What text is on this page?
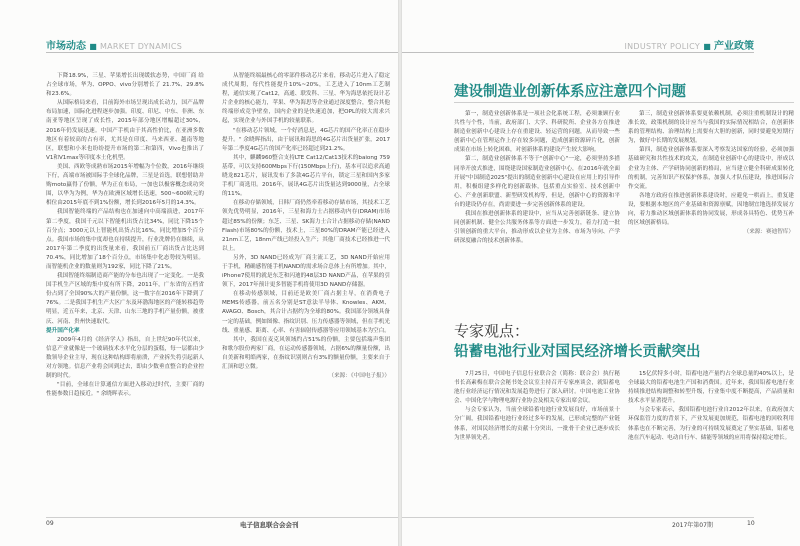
市场动态 ■ MARKET DYNAMICS

下降18.9%，三星、苹果增长出现缓软态势，中国厂商 给占全球市场，华为、OPPO、vivo分别增长了 21.7%、29.8%和23.6%。

从国际格局来看，目前海外市场呈现出成长动力，国产品牌布局加速，国际化进程逐步加强。印度、印尼、中东、非洲、东南亚等地区呈现了成长性，2015年部分地区增幅超过30%，2016年仍发展迅速。中国产手机由于其高性价比，在亚洲多数地区有着较高的占有率，尤其是在印度、马来西亚、越南等地区，联想和小米也纷纷提升市场的第二和第四，Vivo也推出了V1和V1max等印度本土化机型。

美国、西欧等成熟市场2015年增幅为个位数，2016年继续下行，高端市场被国际手全球化品牌，三星是首选，联想借助并购moto赢得了份额，华为正在布局，一加也以极客概念成功突围，以华为为例，华为在欧洲区域增长迅速，500~600欧元的相位由2015年底不到1%份额，增长到2016年5月的14.3%。

我国智能终端的产品结构也在加速向中高端演进，2017年第二季度，我国千元以下智能机出货占比34%，同比下降15个百分点；3000元以上智能机出货占比16%，同比增加5个百分点。我国市场的集中度却也在持续提升，行业洗牌仍在继续，从2017年第二季度的出货量来看，我国前五厂商出货占比达到70.4%，同比增加了18个百分点，市场集中化态势较为明显。而智能机企业的数量则为192家，同比下降了21%。

我国智能终端制造商产能的分布也出现了一定变化。一是我国手机生产区域的集中度有所下降，2011年，广东省的五档省份占到了全国90%大的产量份额，这一数字在2016年下降到了76%。二是我国手机生产大区广东及环渤海地区的产能转移趋势明显，近五年来，北京、天津、山东三地的手机产量份额，被重庆、河南、贵州快速取代。

提升国产化率

2009年4月的《经济学人》指出，自上世纪90年代以来，信息产业就像是一个玻璃技术水平化分层的蛋糕，每一层都由少数领导企业主导，现在这种结构即将崩溃，产业拆失将引起新人对方领地。信息产业将会回到过去，即由少数垂直整合的企业控制的时代。

"目前，全球在计算通信方面进入移动过时代，主要厂商的性能参数日趋接近。" 余晓晖表示。

从智能终端最核心的零部件移动芯片来看，移动芯片进入了稳定成代周期，每代性能提升10%~20%，工艺进入了10nm工艺制程，通信实现了Cat12，高通、联发科、三星、华为海思依托设计芯片企业的核心能力，苹果、华为海思等企业通过深度整合，整合其他终端形成竞争壁垒，国内企业的是快速追加，把OPL的较大需求兴起，实现企业与外国手机的较量联系。

"在移动芯片领域，一个好消息是，4G芯片的国产化率正在稳步提升。" 余晓晖指出，由于展讯和海思的4G芯片出货量扩张，2017年第二季度4G芯片的国产化率已经超过到21.2%。

其中，麒麟960整合支持LTE Cat12/Cat13技术的baiong 759基带，可以支持600Mbps下行(150Mbps上行)，基本可以追求高通晓龙821芯片，展讯发布了多款4G芯片平台，锁定三星和国内多家手机厂商选用。2016年，展讯4G芯片出货量达到9000量，占全球的11%。

在移动存储领域，日韩厂商仍然牵着移动存储市场，其技术工艺领先优势明显，2016年，三星和海力士占据移动内存(DRAM)市场超过85%的份额；东芝、三星、SK海力士合计占据移动存储(NAND Flash)市场80%的份额，技术上，三星80%的DRAM产能已经进入21nm工艺，18nm产线已经投入生产；其他厂商技术已经推进一代以上。

另外，3D NAND已经成为厂商主流工艺，3D NAND开始应用于手机，精确感智能手机NAND的需求场合总体上有所增加。其中，iPhone7使用的就是东芝和闪迪的48层3D NAND产品，在苹果的引领下，2017年预计更多智能手机将使用3D NAND存储器。

在移动传感领域，目前还是欧美厂商占据主导，在消费电子MEMS传感器，前五名分别是ST意法半导体、Knowles、AKM、AVAGO、Bosch，其合计占据约为全球的80%。我国部分领域具备一定的基础，例如图像、指纹识别、压力传感器等领域，但在手机光线、重量感、距离、心率、有害辐射传感器等应用领域基本为空白。

其中，我国在麦克风领域约占51%的份额，主要包括瑞声集团和歌尔股份两家厂商，在运动传感器领域，占据6%的额量份额，出自美新和明皓两家，在指纹识别则占有3%的额量份额，主要来自于汇顶和思立微。

（来源：《中国电子报》）

09	电子信息联合会会刊
INDUSTRY POLICY ■ 产业政策
建设制造业创新体系应注意四个问题

第一，制造业创新体系是一项社会化系统工程，必须兼顾行业共性与个性，当前，政府部门、大学、科研院所、企业各方在推进制造业创新中心建设上存在重建设、轻运营的问题，从而导致一些创新中心在管理运作上存在较多问题，造成创新资源碎片化，创新成果在市场上转化困难，对创新体系的建设产生较大影响。

第二，制造业创新体系不等于"创新中心"一途，必须坚持多措同举开放式推进，围绕建设国家制造业创新中心，在2016年就全面开展"中国制造2025"提出的制造业创新中心建设在应用上的引导作用，积极组建多样化的创新载体，包括重点实验室、技术创新中心、产业创新联盟、新型研发机构等，但是，创新中心的资源和平台的建设仍存在，尚需要进一步完善创新体系的建设。

我国在推进创新体系的建设中，应当从完善创新链条、建立协同创新机制、健全公共服务体系等方面进一步发力，着力打造一批引领创新的重大平台，推动形成以企业为主体、市场为导向、产学研深度融合的技术创新体系。

第三，制造业创新体系要更依赖机制，必须注重机制设计的精准长效，政策机制的设计应当与我国的实际情况相结合，在创新体系的管理结构、治理结构上需要有大胆的创新，同时要避免短期行为，做好中长期的发展规划。

第四，制造业创新体系要深入考察发达国家的经验，必须加强基础研究和共性技术的攻关，在制造业创新中心的建设中，形成以企业为主体、产学研协同创新的格局，应当建立健全科研成果转化的机制，完善知识产权保护体系，加强人才队伍建设，推进国际合作交流。

各地方政府在推进创新体系建设时，应避免一哄而上，重复建设，要根据本地区的产业基础和资源禀赋，因地制宜地选择发展方向，着力推动区域创新体系的协同发展，形成各具特色、优势互补的区域创新格局。

（来源：赛迪智库）

专家观点：
铅蓄电池行业对国民经济增长贡献突出

7月25日，中国电子信息行业联合会（简称：联合会）执行秘书长高素梅在联合会秘书处会议室主持召开专家座谈会，就铅蓄电池行业经济运行情况和发展趋势进行了深入研讨。中国电池工业协会、中国化学与物理电源行业协会及相关专家出席会议。

与会专家认为，当前全球铅蓄电池行业发展良好，市场前景十分广阔，我国铅蓄电池行业经过多年的发展，已形成完整的产业链体系，对国民经济增长的贡献十分突出，一批骨干企业已逐步成长为世界领先者。

15亿伏特多小时，铅蓄电池产量约占全球总量的40%以上，是全球最大的铅蓄电池生产国和消费国。近年来，我国铅蓄电池行业持续推进结构调整和转型升级，行业集中度不断提高，产品质量和技术水平显著提升。

与会专家表示，我国铅蓄电池行业自2012年以来，在政府加大环保监管力度的背景下，产业发展更加规范，铅蓄电池的回收利用体系也在不断完善，为行业的可持续发展奠定了坚实基础，铅蓄电池在汽车起动、电动自行车、储能等领域的应用将保持稳定增长。

2017年第07期	10
